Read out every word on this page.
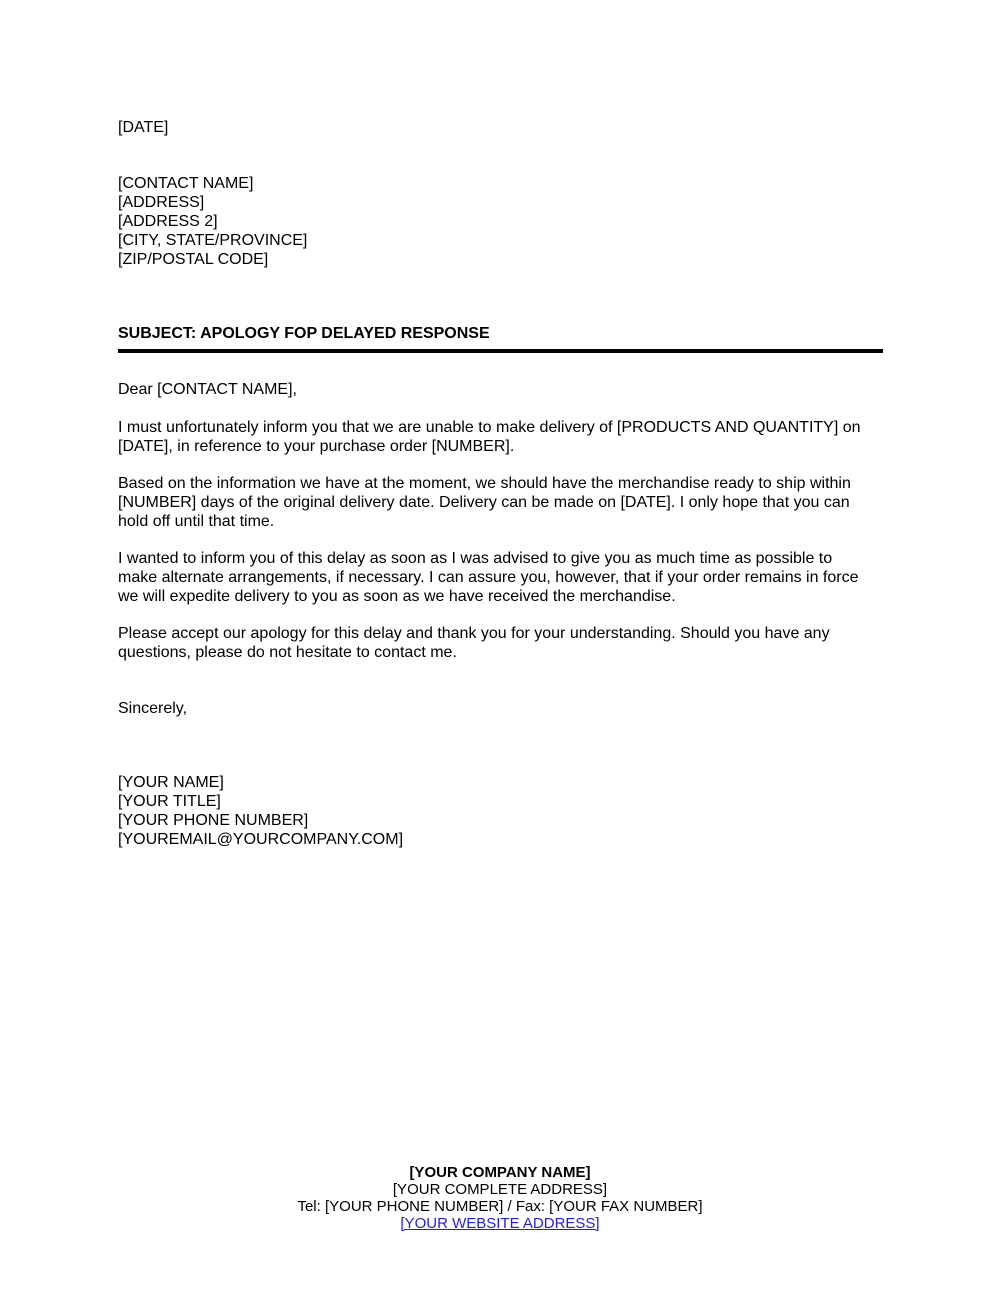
[DATE]
[CONTACT NAME]
[ADDRESS]
[ADDRESS 2]
[CITY, STATE/PROVINCE]
[ZIP/POSTAL CODE]
SUBJECT: APOLOGY FOP DELAYED RESPONSE
Dear [CONTACT NAME],
I must unfortunately inform you that we are unable to make delivery of [PRODUCTS AND QUANTITY] on
[DATE], in reference to your purchase order [NUMBER].
Based on the information we have at the moment, we should have the merchandise ready to ship within
[NUMBER] days of the original delivery date. Delivery can be made on [DATE]. I only hope that you can
hold off until that time.
I wanted to inform you of this delay as soon as I was advised to give you as much time as possible to
make alternate arrangements, if necessary. I can assure you, however, that if your order remains in force
we will expedite delivery to you as soon as we have received the merchandise.
Please accept our apology for this delay and thank you for your understanding. Should you have any
questions, please do not hesitate to contact me.
Sincerely,
[YOUR NAME]
[YOUR TITLE]
[YOUR PHONE NUMBER]
[YOUREMAIL@YOURCOMPANY.COM]
[YOUR COMPANY NAME]
[YOUR COMPLETE ADDRESS]
Tel: [YOUR PHONE NUMBER] / Fax: [YOUR FAX NUMBER]
[YOUR WEBSITE ADDRESS]
